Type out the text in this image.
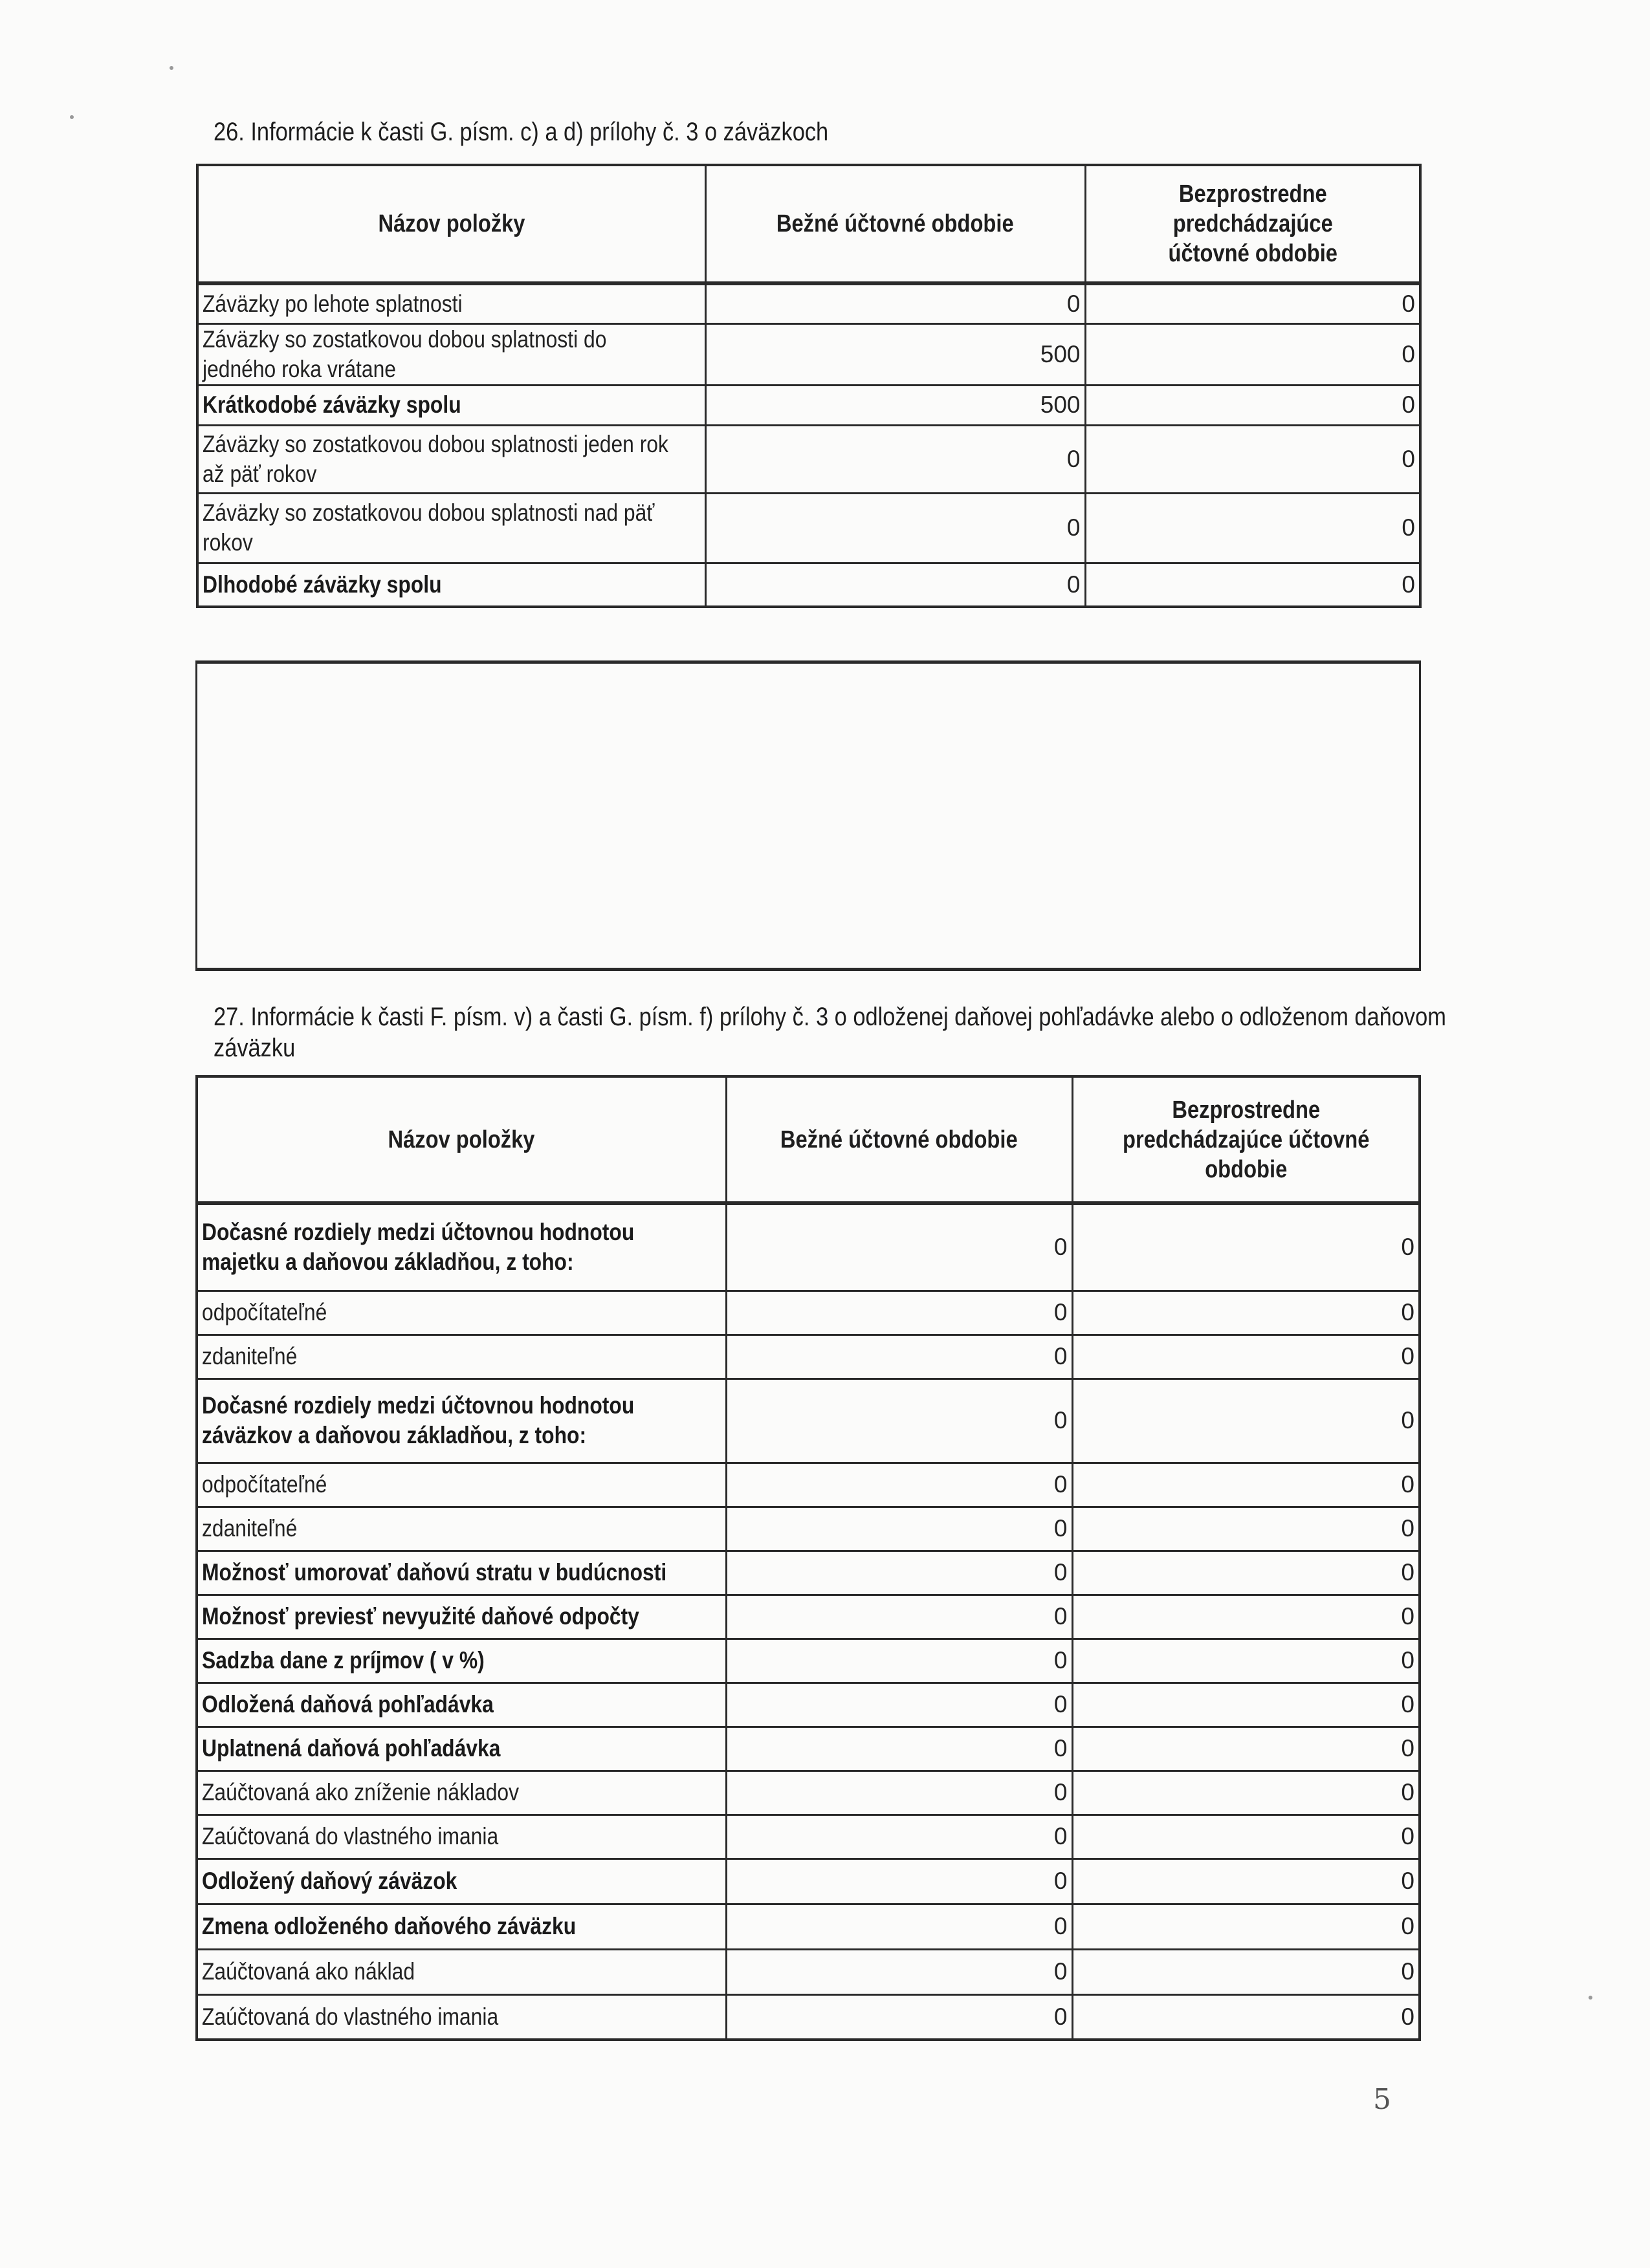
26. Informácie k časti G. písm. c) a d) prílohy č. 3 o záväzkoch
Názov položky	Bežné účtovné obdobie	Bezprostredne predchádzajúce účtovné obdobie
Záväzky po lehote splatnosti	0	0
Záväzky so zostatkovou dobou splatnosti do jedného roka vrátane	500	0
Krátkodobé záväzky spolu	500	0
Záväzky so zostatkovou dobou splatnosti jeden rok až päť rokov	0	0
Záväzky so zostatkovou dobou splatnosti nad päť rokov	0	0
Dlhodobé záväzky spolu	0	0
27. Informácie k časti F. písm. v) a časti G. písm. f) prílohy č. 3 o odloženej daňovej pohľadávke alebo o odloženom daňovom záväzku
Názov položky	Bežné účtovné obdobie	Bezprostredne predchádzajúce účtovné obdobie
Dočasné rozdiely medzi účtovnou hodnotou majetku a daňovou základňou, z toho:	0	0
odpočítateľné	0	0
zdaniteľné	0	0
Dočasné rozdiely medzi účtovnou hodnotou záväzkov a daňovou základňou, z toho:	0	0
odpočítateľné	0	0
zdaniteľné	0	0
Možnosť umorovať daňovú stratu v budúcnosti	0	0
Možnosť previesť nevyužité daňové odpočty	0	0
Sadzba dane z príjmov ( v %)	0	0
Odložená daňová pohľadávka	0	0
Uplatnená daňová pohľadávka	0	0
Zaúčtovaná ako zníženie nákladov	0	0
Zaúčtovaná do vlastného imania	0	0
Odložený daňový záväzok	0	0
Zmena odloženého daňového záväzku	0	0
Zaúčtovaná ako náklad	0	0
Zaúčtovaná do vlastného imania	0	0
5
